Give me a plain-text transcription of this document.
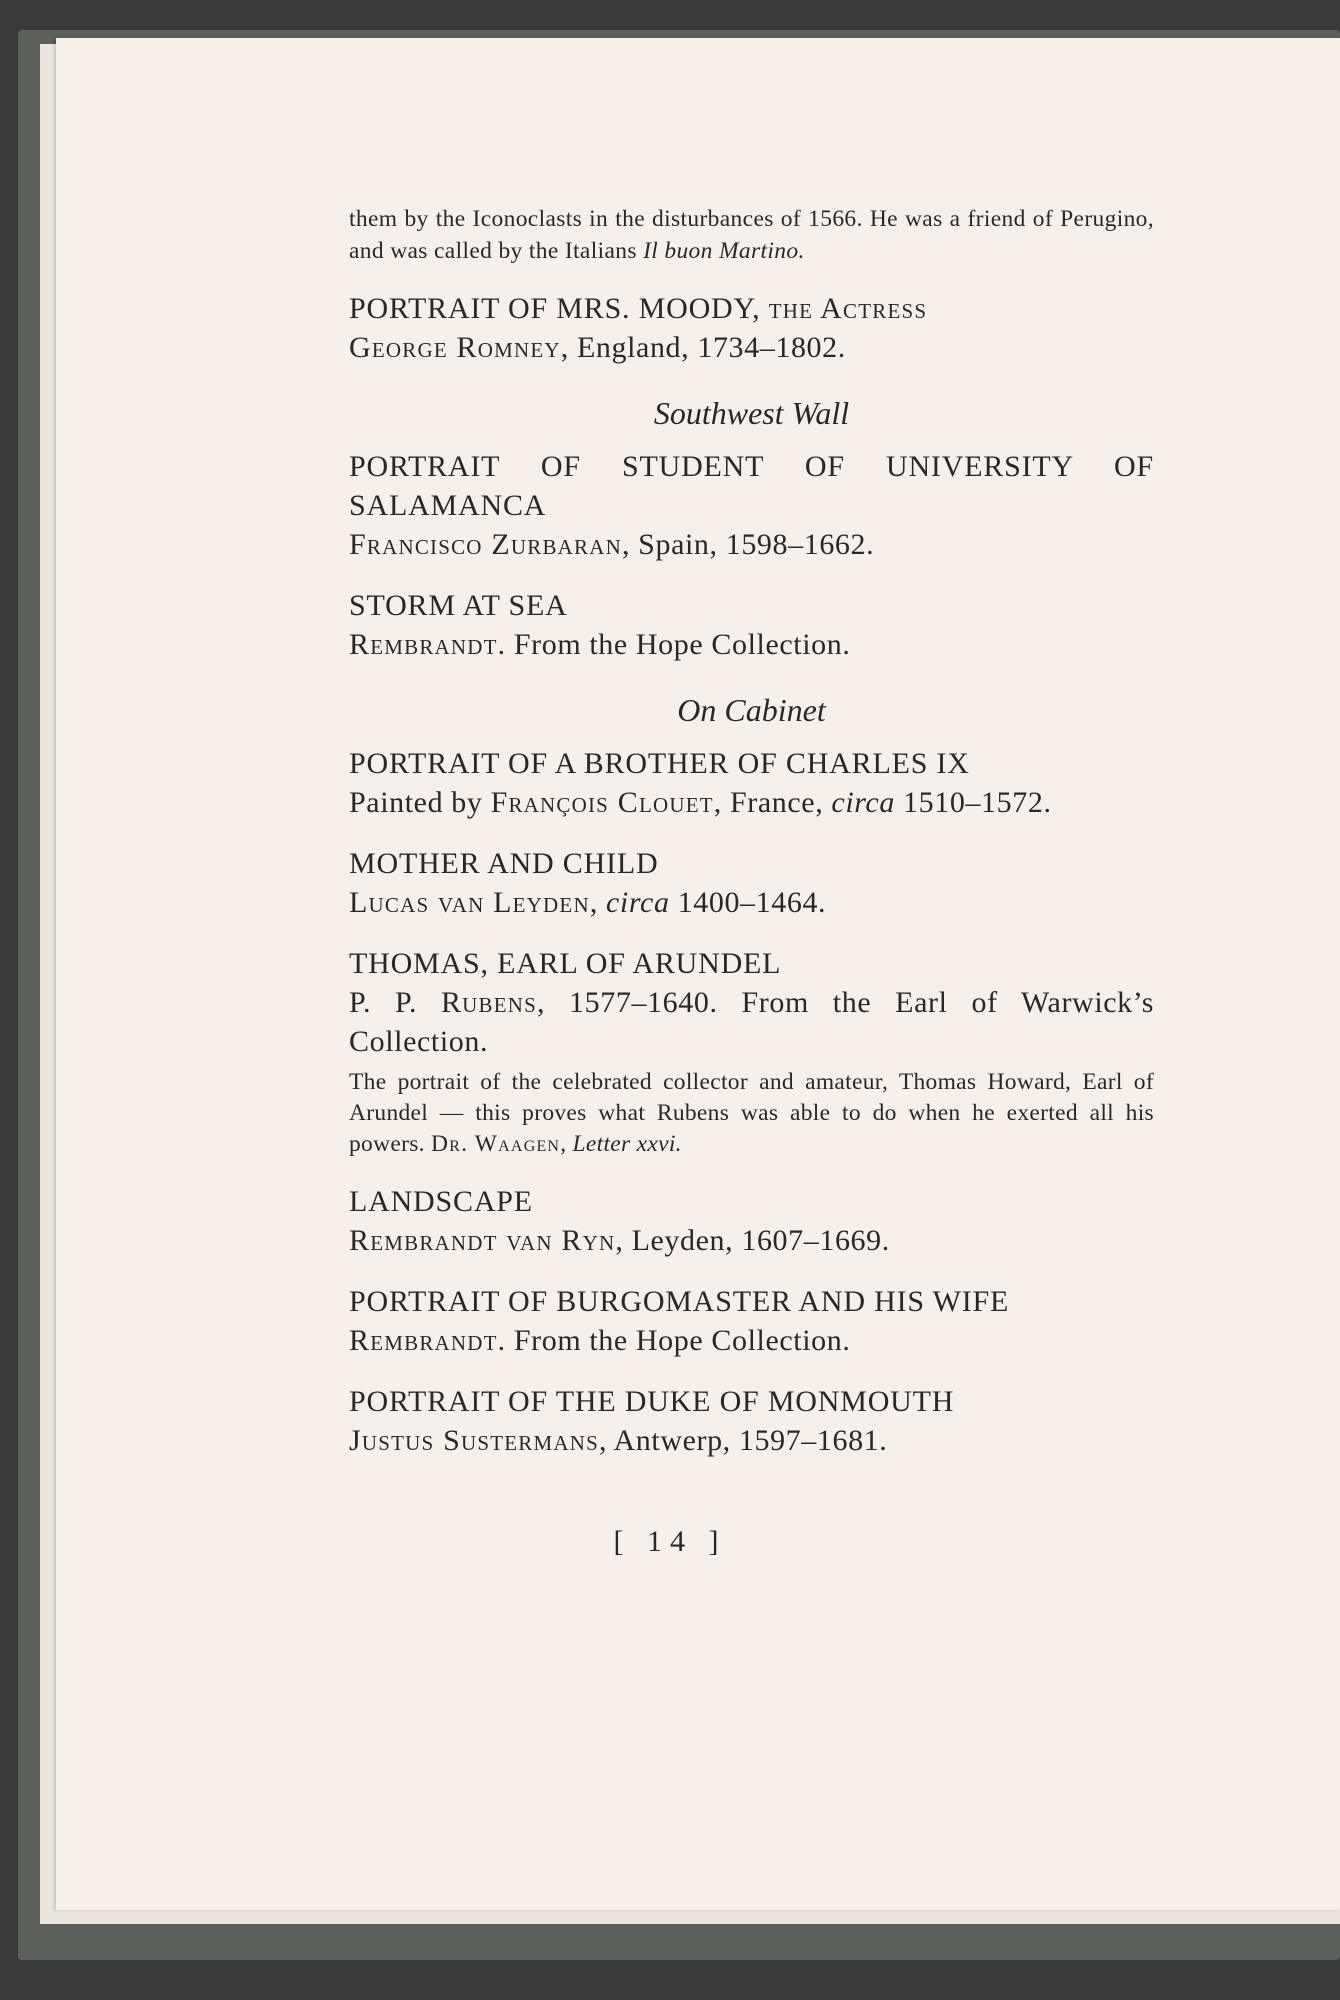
them by the Iconoclasts in the disturbances of 1566. He was a friend of Perugino, and was called by the Italians Il buon Martino.

PORTRAIT OF MRS. MOODY, the Actress

George Romney, England, 1734–1802.

Southwest Wall

PORTRAIT OF STUDENT OF UNIVERSITY OF SALAMANCA

Francisco Zurbaran, Spain, 1598–1662.

STORM AT SEA

Rembrandt. From the Hope Collection.

On Cabinet

PORTRAIT OF A BROTHER OF CHARLES IX

Painted by François Clouet, France, circa 1510–1572.

MOTHER AND CHILD

Lucas van Leyden, circa 1400–1464.

THOMAS, EARL OF ARUNDEL

P. P. Rubens, 1577–1640. From the Earl of Warwick’s Collection.

The portrait of the celebrated collector and amateur, Thomas Howard, Earl of Arundel — this proves what Rubens was able to do when he exerted all his powers. Dr. Waagen, Letter xxvi.

LANDSCAPE

Rembrandt van Ryn, Leyden, 1607–1669.

PORTRAIT OF BURGOMASTER AND HIS WIFE

Rembrandt. From the Hope Collection.

PORTRAIT OF THE DUKE OF MONMOUTH

Justus Sustermans, Antwerp, 1597–1681.

[ 14 ]
